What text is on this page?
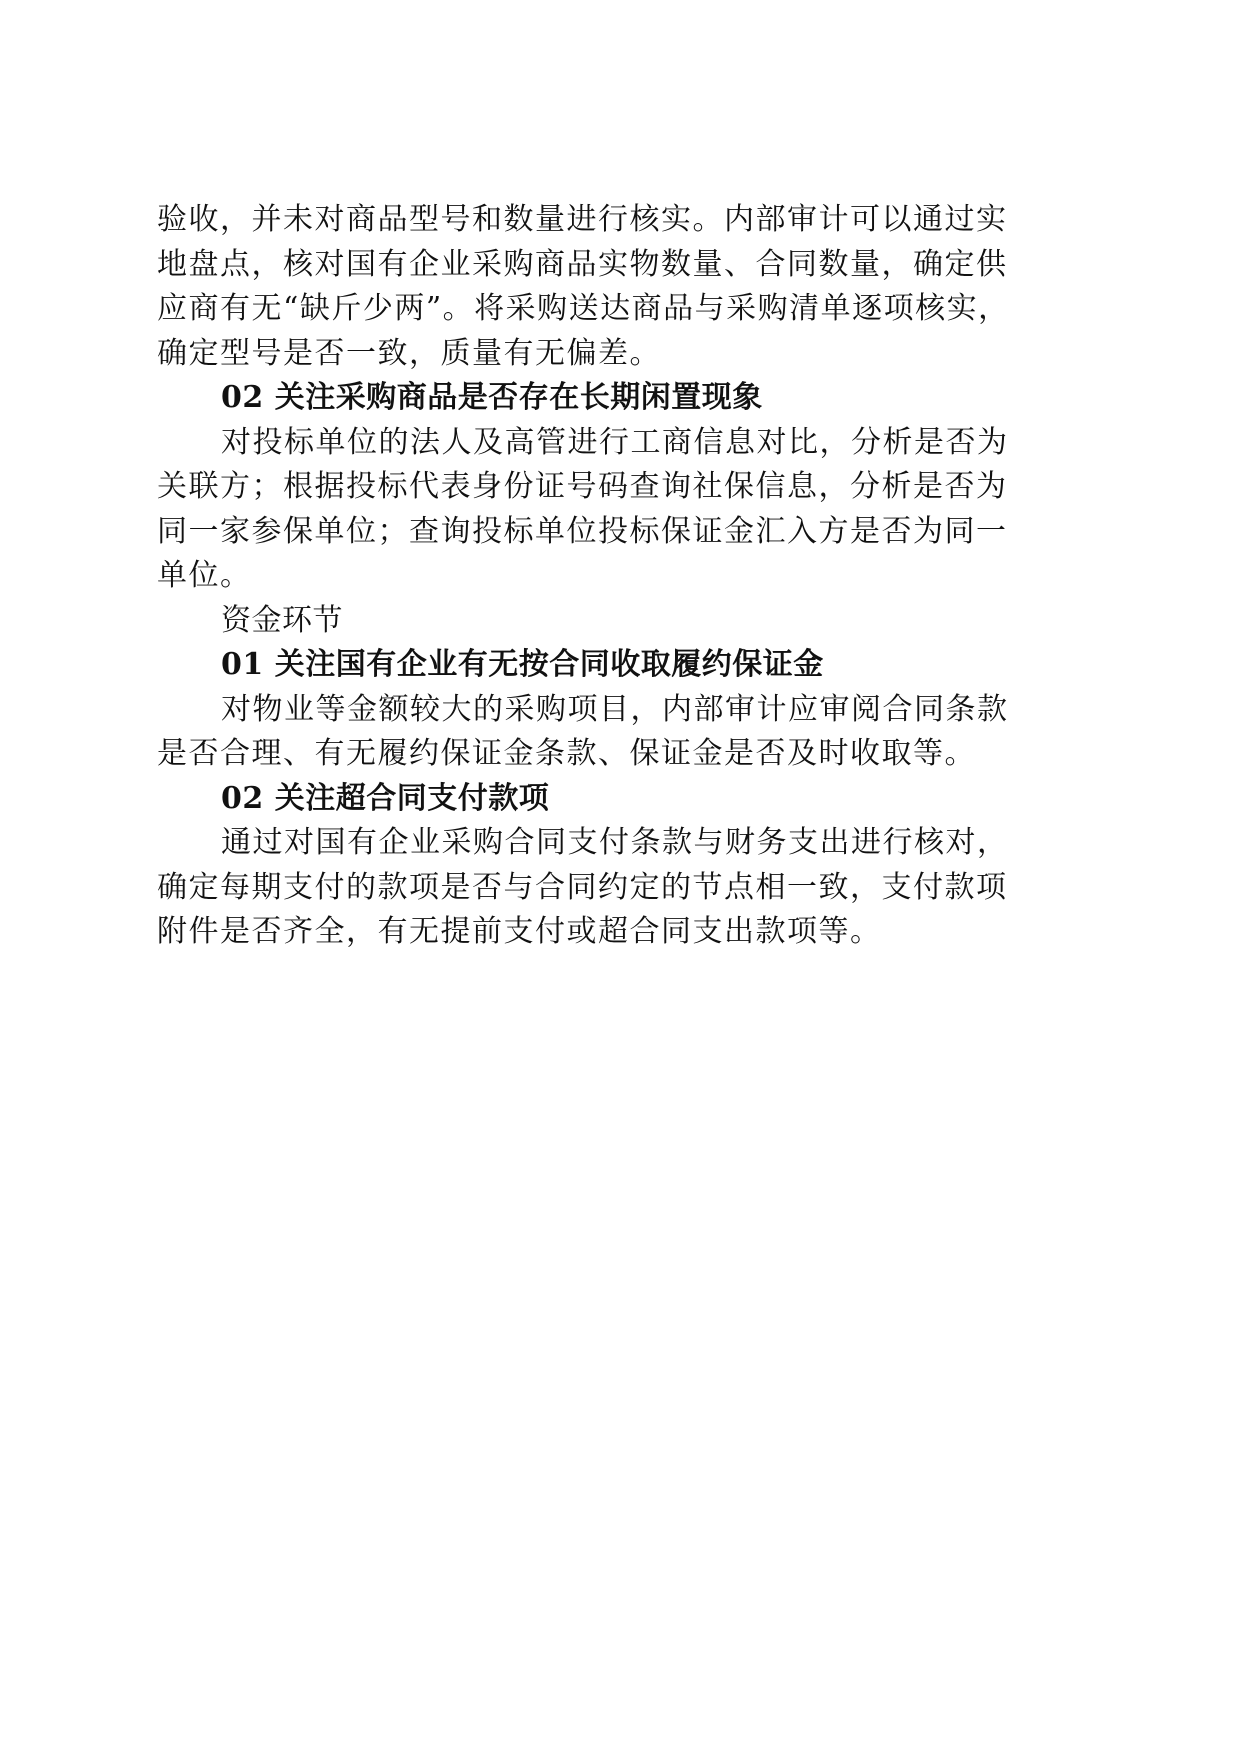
验收，并未对商品型号和数量进行核实。内部审计可以通过实
地盘点，核对国有企业采购商品实物数量、合同数量，确定供
应商有无“缺斤少两”。将采购送达商品与采购清单逐项核实，
确定型号是否一致，质量有无偏差。
02 关注采购商品是否存在长期闲置现象
对投标单位的法人及高管进行工商信息对比，分析是否为
关联方；根据投标代表身份证号码查询社保信息，分析是否为
同一家参保单位；查询投标单位投标保证金汇入方是否为同一
单位。
资金环节
01 关注国有企业有无按合同收取履约保证金
对物业等金额较大的采购项目，内部审计应审阅合同条款
是否合理、有无履约保证金条款、保证金是否及时收取等。
02 关注超合同支付款项
通过对国有企业采购合同支付条款与财务支出进行核对，
确定每期支付的款项是否与合同约定的节点相一致，支付款项
附件是否齐全，有无提前支付或超合同支出款项等。
